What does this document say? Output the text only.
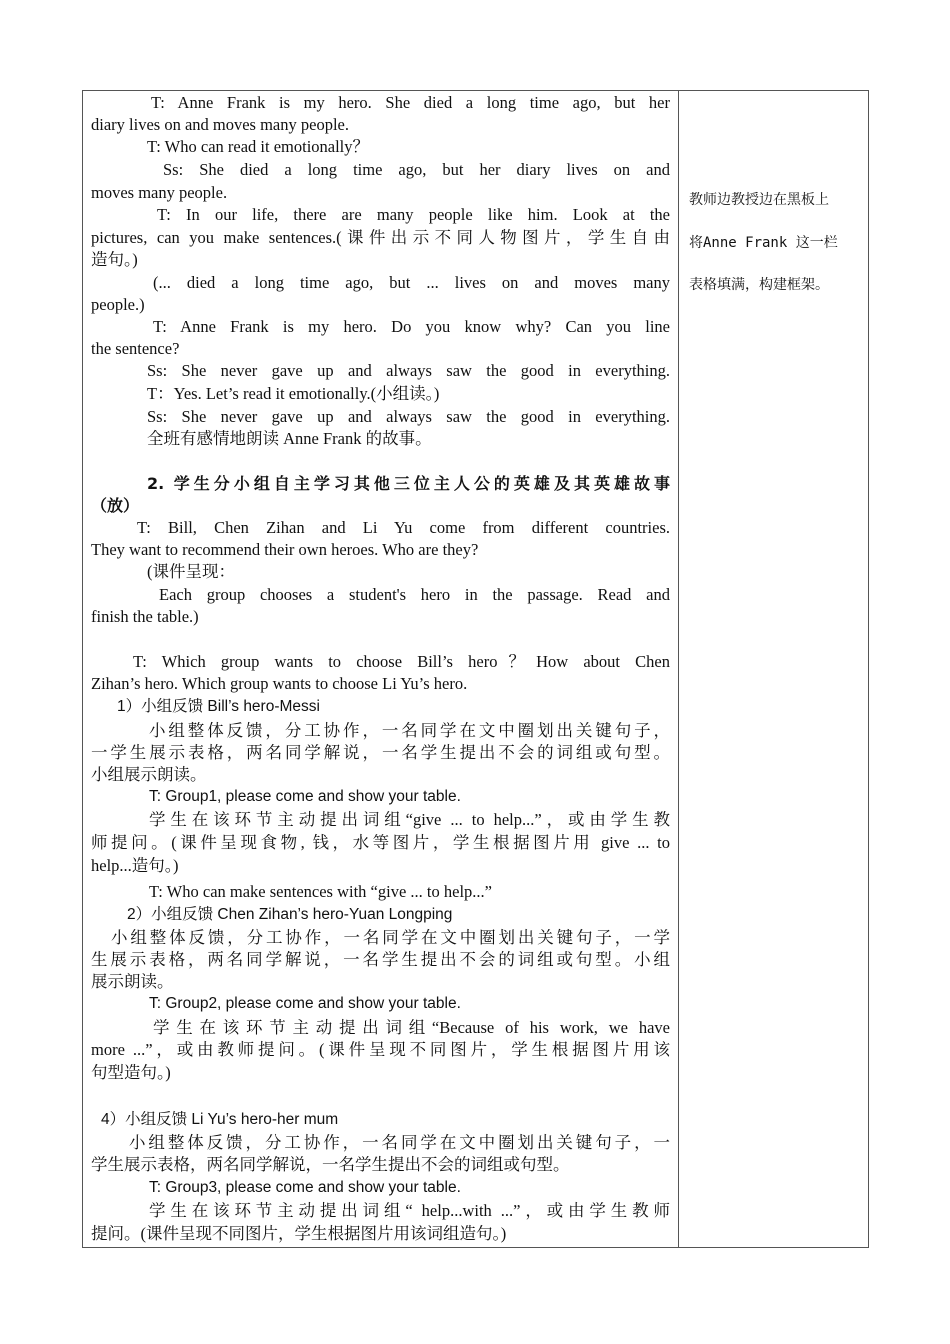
T: Anne Frank is my hero. She died a long time ago, but her
diary lives on and moves many people.
T: Who can read it emotionally？
Ss: She died a long time ago, but her diary lives on and
moves many people.
T: In our life, there are many people like him. Look at the
pictures, can you make sentences.(课件出示不同人物图片，学生自由
造句。)
(... died a long time ago, but ... lives on and moves many
people.)
T: Anne Frank is my hero. Do you know why? Can you line
the sentence?
Ss: She never gave up and always saw the good in everything.
T：Yes. Let’s read it emotionally.(小组读。)
Ss: She never gave up and always saw the good in everything.
全班有感情地朗读 Anne Frank 的故事。
2. 学生分小组自主学习其他三位主人公的英雄及其英雄故事
（放）
T: Bill, Chen Zihan and Li Yu come from different countries.
They want to recommend their own heroes. Who are they?
(课件呈现：
Each group chooses a student's hero in the passage. Read and
finish the table.)
T: Which group wants to choose Bill’s hero？How about Chen
Zihan’s hero. Which group wants to choose Li Yu’s hero.
1）小组反馈 Bill’s hero-Messi
小组整体反馈，分工协作，一名同学在文中圈划出关键句子，
一学生展示表格，两名同学解说，一名学生提出不会的词组或句型。
小组展示朗读。
T: Group1, please come and show your table.
学生在该环节主动提出词组“give ... to help...”，或由学生教
师提问。(课件呈现食物, 钱，水等图片，学生根据图片用 give ... to
help...造句。)
T: Who can make sentences with “give ... to help...”
2）小组反馈 Chen Zihan’s hero-Yuan Longping
小组整体反馈，分工协作，一名同学在文中圈划出关键句子，一学
生展示表格，两名同学解说，一名学生提出不会的词组或句型。小组
展示朗读。
T: Group2, please come and show your table.
学生在该环节主动提出词组“Because of his work, we have
more ...”，或由教师提问。(课件呈现不同图片，学生根据图片用该
句型造句。)
4）小组反馈 Li Yu’s hero-her mum
小组整体反馈，分工协作，一名同学在文中圈划出关键句子，一
学生展示表格，两名同学解说，一名学生提出不会的词组或句型。
T: Group3, please come and show your table.
学生在该环节主动提出词组“ help...with ...”，或由学生教师
提问。(课件呈现不同图片，学生根据图片用该词组造句。)
教师边教授边在黑板上
将Anne Frank 这一栏
表格填满，构建框架。
